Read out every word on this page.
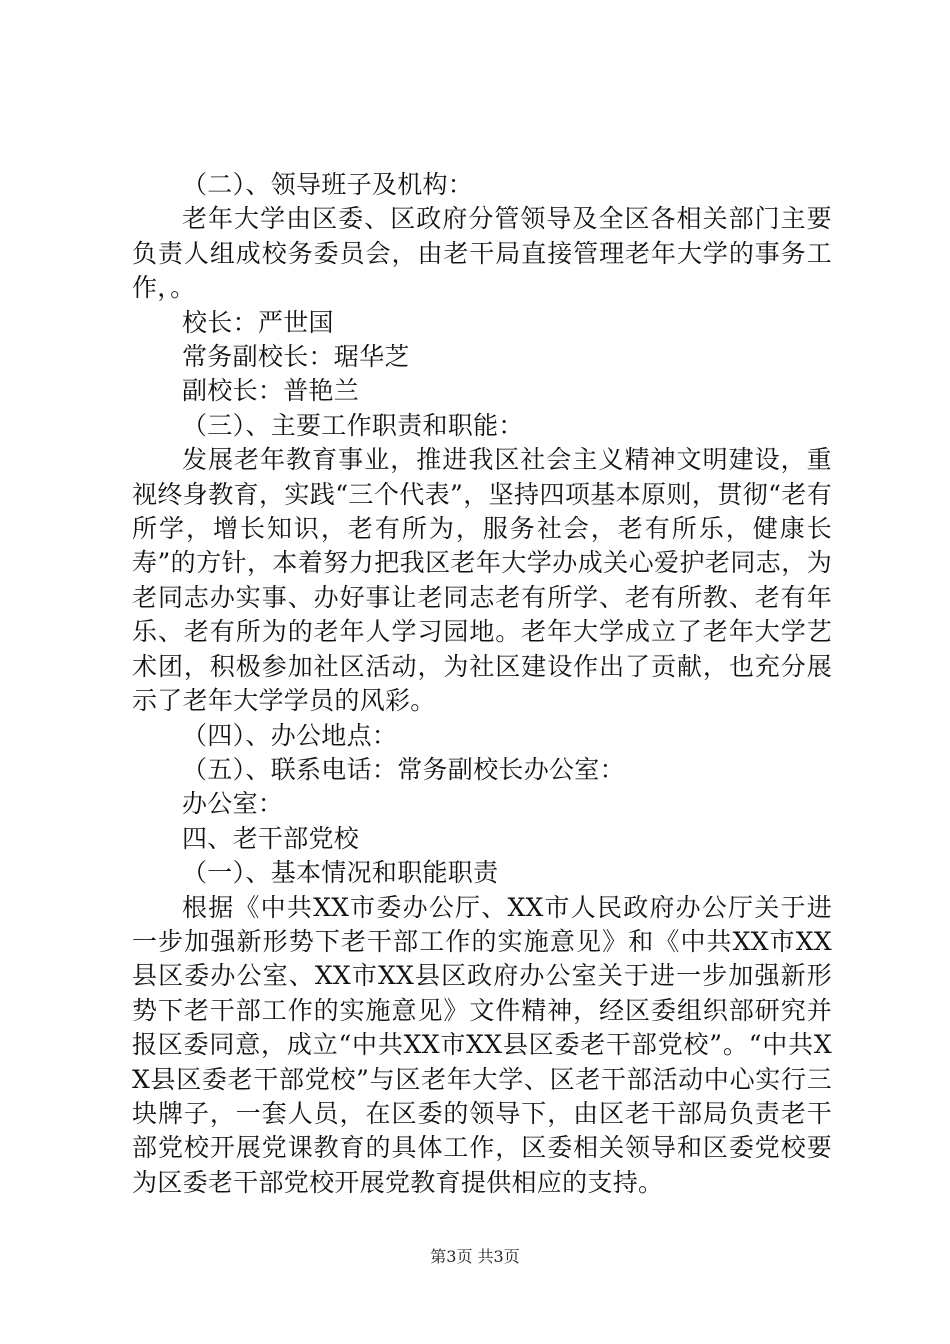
（二）、领导班子及机构：

老年大学由区委、区政府分管领导及全区各相关部门主要负责人组成校务委员会，由老干局直接管理老年大学的事务工作，。

校长：严世国

常务副校长：琚华芝

副校长：普艳兰

（三）、主要工作职责和职能：

发展老年教育事业，推进我区社会主义精神文明建设，重视终身教育，实践“三个代表”，坚持四项基本原则，贯彻“老有所学，增长知识，老有所为，服务社会，老有所乐，健康长寿”的方针，本着努力把我区老年大学办成关心爱护老同志，为老同志办实事、办好事让老同志老有所学、老有所教、老有年乐、老有所为的老年人学习园地。老年大学成立了老年大学艺术团，积极参加社区活动，为社区建设作出了贡献，也充分展示了老年大学学员的风彩。

（四）、办公地点：

（五）、联系电话：常务副校长办公室：

办公室：

四、老干部党校

（一）、基本情况和职能职责

根据《中共XX市委办公厅、XX市人民政府办公厅关于进一步加强新形势下老干部工作的实施意见》和《中共XX市XX县区委办公室、XX市XX县区政府办公室关于进一步加强新形势下老干部工作的实施意见》文件精神，经区委组织部研究并报区委同意，成立“中共XX市XX县区委老干部党校”。“中共XX县区委老干部党校”与区老年大学、区老干部活动中心实行三块牌子，一套人员，在区委的领导下，由区老干部局负责老干部党校开展党课教育的具体工作，区委相关领导和区委党校要为区委老干部党校开展党教育提供相应的支持。

第3页 共3页
